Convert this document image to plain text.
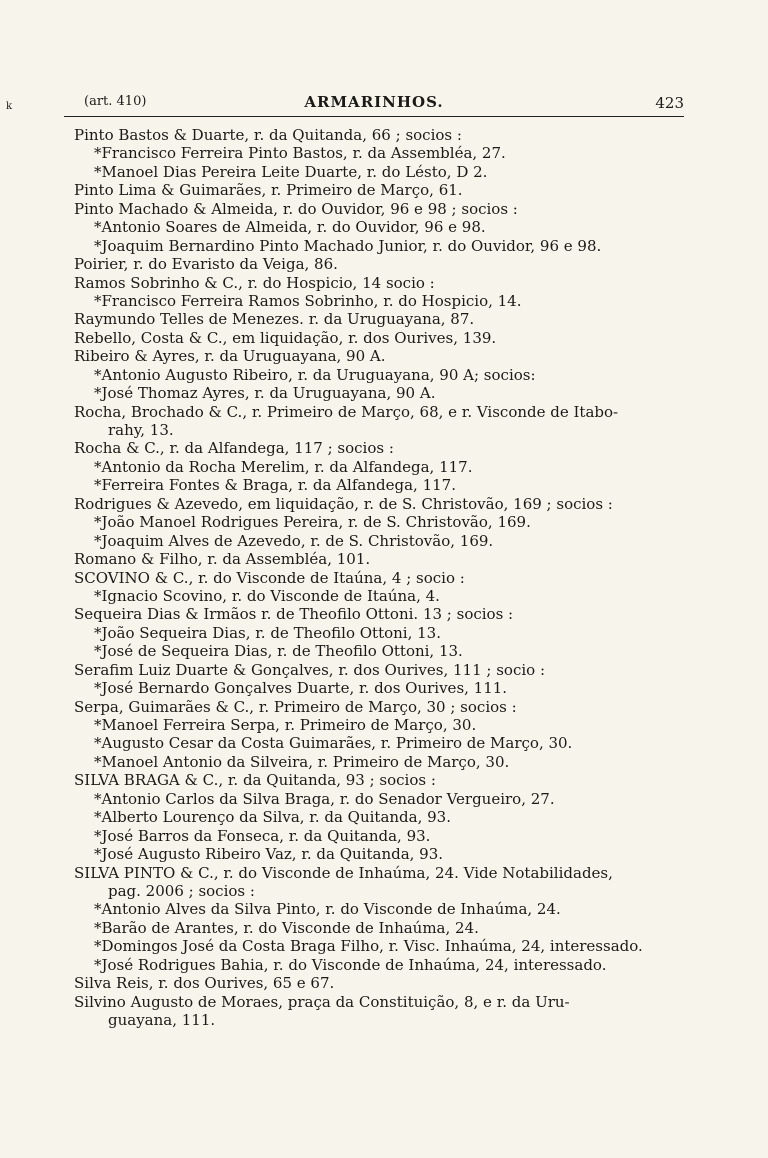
k	(art. 410)	ARMARINHOS.	423
Pinto Bastos & Duarte, r. da Quitanda, 66 ; socios :
*Francisco Ferreira Pinto Bastos, r. da Assembléa, 27.
*Manoel Dias Pereira Leite Duarte, r. do Lésto, D 2.
Pinto Lima & Guimarães, r. Primeiro de Março, 61.
Pinto Machado & Almeida, r. do Ouvidor, 96 e 98 ; socios :
*Antonio Soares de Almeida, r. do Ouvidor, 96 e 98.
*Joaquim Bernardino Pinto Machado Junior, r. do Ouvidor, 96 e 98.
Poirier, r. do Evaristo da Veiga, 86.
Ramos Sobrinho & C., r. do Hospicio, 14 socio :
*Francisco Ferreira Ramos Sobrinho, r. do Hospicio, 14.
Raymundo Telles de Menezes. r. da Uruguayana, 87.
Rebello, Costa & C., em liquidação, r. dos Ourives, 139.
Ribeiro & Ayres, r. da Uruguayana, 90 A.
*Antonio Augusto Ribeiro, r. da Uruguayana, 90 A; socios:
*José Thomaz Ayres, r. da Uruguayana, 90 A.
Rocha, Brochado & C., r. Primeiro de Março, 68, e r. Visconde de Itabo-
rahy, 13.
Rocha & C., r. da Alfandega, 117 ; socios :
*Antonio da Rocha Merelim, r. da Alfandega, 117.
*Ferreira Fontes & Braga, r. da Alfandega, 117.
Rodrigues & Azevedo, em liquidação, r. de S. Christovão, 169 ; socios :
*João Manoel Rodrigues Pereira, r. de S. Christovão, 169.
*Joaquim Alves de Azevedo, r. de S. Christovão, 169.
Romano & Filho, r. da Assembléa, 101.
SCOVINO & C., r. do Visconde de Itaúna, 4 ; socio :
*Ignacio Scovino, r. do Visconde de Itaúna, 4.
Sequeira Dias & Irmãos r. de Theofilo Ottoni. 13 ; socios :
*João Sequeira Dias, r. de Theofilo Ottoni, 13.
*José de Sequeira Dias, r. de Theofilo Ottoni, 13.
Serafim Luiz Duarte & Gonçalves, r. dos Ourives, 111 ; socio :
*José Bernardo Gonçalves Duarte, r. dos Ourives, 111.
Serpa, Guimarães & C., r. Primeiro de Março, 30 ; socios :
*Manoel Ferreira Serpa, r. Primeiro de Março, 30.
*Augusto Cesar da Costa Guimarães, r. Primeiro de Março, 30.
*Manoel Antonio da Silveira, r. Primeiro de Março, 30.
SILVA BRAGA & C., r. da Quitanda, 93 ; socios :
*Antonio Carlos da Silva Braga, r. do Senador Vergueiro, 27.
*Alberto Lourenço da Silva, r. da Quitanda, 93.
*José Barros da Fonseca, r. da Quitanda, 93.
*José Augusto Ribeiro Vaz, r. da Quitanda, 93.
SILVA PINTO & C., r. do Visconde de Inhaúma, 24. Vide Notabilidades,
pag. 2006 ; socios :
*Antonio Alves da Silva Pinto, r. do Visconde de Inhaúma, 24.
*Barão de Arantes, r. do Visconde de Inhaúma, 24.
*Domingos José da Costa Braga Filho, r. Visc. Inhaúma, 24, interessado.
*José Rodrigues Bahia, r. do Visconde de Inhaúma, 24, interessado.
Silva Reis, r. dos Ourives, 65 e 67.
Silvino Augusto de Moraes, praça da Constituição, 8, e r. da Uru-
guayana, 111.
